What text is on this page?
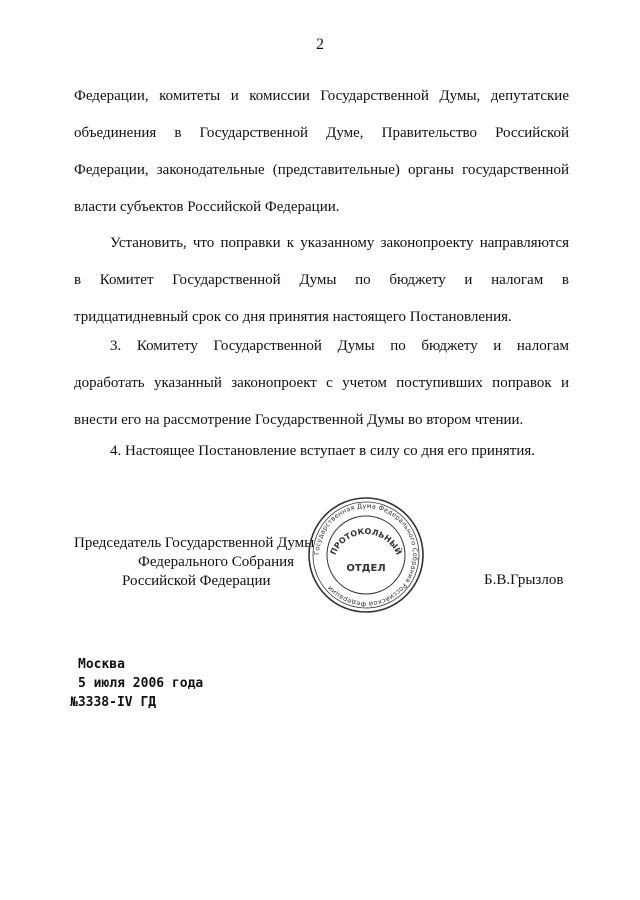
2
Федерации, комитеты и комиссии Государственной Думы, депутатские
объединения в Государственной Думе, Правительство Российской
Федерации, законодательные (представительные) органы государственной
власти субъектов Российской Федерации.
Установить, что поправки к указанному законопроекту направляются
в Комитет Государственной Думы по бюджету и налогам в
тридцатидневный срок со дня принятия настоящего Постановления.
3. Комитету Государственной Думы по бюджету и налогам
доработать указанный законопроект с учетом поступивших поправок и
внести его на рассмотрение Государственной Думы во втором чтении.
4. Настоящее Постановление вступает в силу со дня его принятия.
Председатель Государственной Думы
Федерального Собрания
Российской Федерации
Государственная Дума Федерального Собрания Российской Федерации
ПРОТОКОЛЬНЫЙ
ОТДЕЛ
Б.В.Грызлов
Москва
5 июля 2006 года
№3338-IV ГД
